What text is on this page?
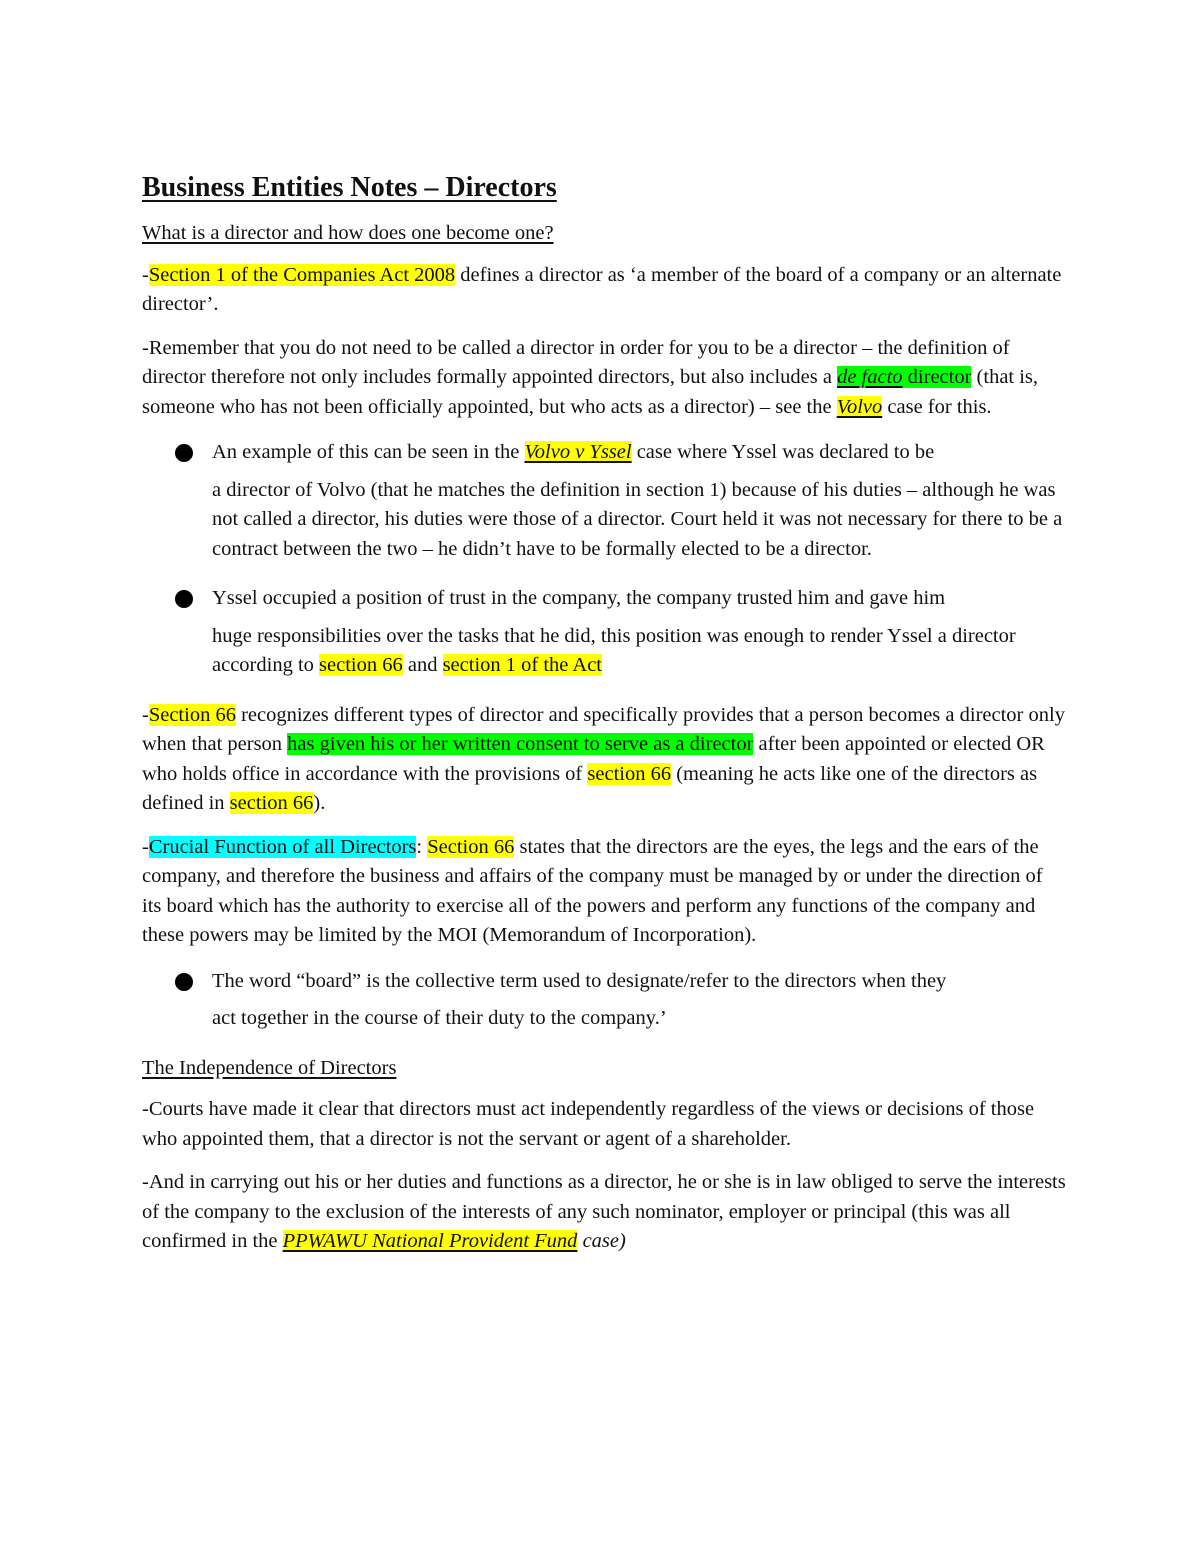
Business Entities Notes – Directors
What is a director and how does one become one?

-Section 1 of the Companies Act 2008 defines a director as ‘a member of the board of a company or an alternate director’.

-Remember that you do not need to be called a director in order for you to be a director – the definition of director therefore not only includes formally appointed directors, but also includes a de facto director (that is, someone who has not been officially appointed, but who acts as a director) – see the Volvo case for this.

An example of this can be seen in the Volvo v Yssel case where Yssel was declared to be
a director of Volvo (that he matches the definition in section 1) because of his duties – although he was not called a director, his duties were those of a director. Court held it was not necessary for there to be a contract between the two – he didn’t have to be formally elected to be a director.
Yssel occupied a position of trust in the company, the company trusted him and gave him
huge responsibilities over the tasks that he did, this position was enough to render Yssel a director according to section 66 and section 1 of the Act

-Section 66 recognizes different types of director and specifically provides that a person becomes a director only when that person has given his or her written consent to serve as a director after been appointed or elected OR who holds office in accordance with the provisions of section 66 (meaning he acts like one of the directors as defined in section 66).

-Crucial Function of all Directors: Section 66 states that the directors are the eyes, the legs and the ears of the company, and therefore the business and affairs of the company must be managed by or under the direction of its board which has the authority to exercise all of the powers and perform any functions of the company and these powers may be limited by the MOI (Memorandum of Incorporation).

The word “board” is the collective term used to designate/refer to the directors when they
act together in the course of their duty to the company.’
The Independence of Directors

-Courts have made it clear that directors must act independently regardless of the views or decisions of those who appointed them, that a director is not the servant or agent of a shareholder.

-And in carrying out his or her duties and functions as a director, he or she is in law obliged to serve the interests of the company to the exclusion of the interests of any such nominator, employer or principal (this was all confirmed in the PPWAWU National Provident Fund case)
